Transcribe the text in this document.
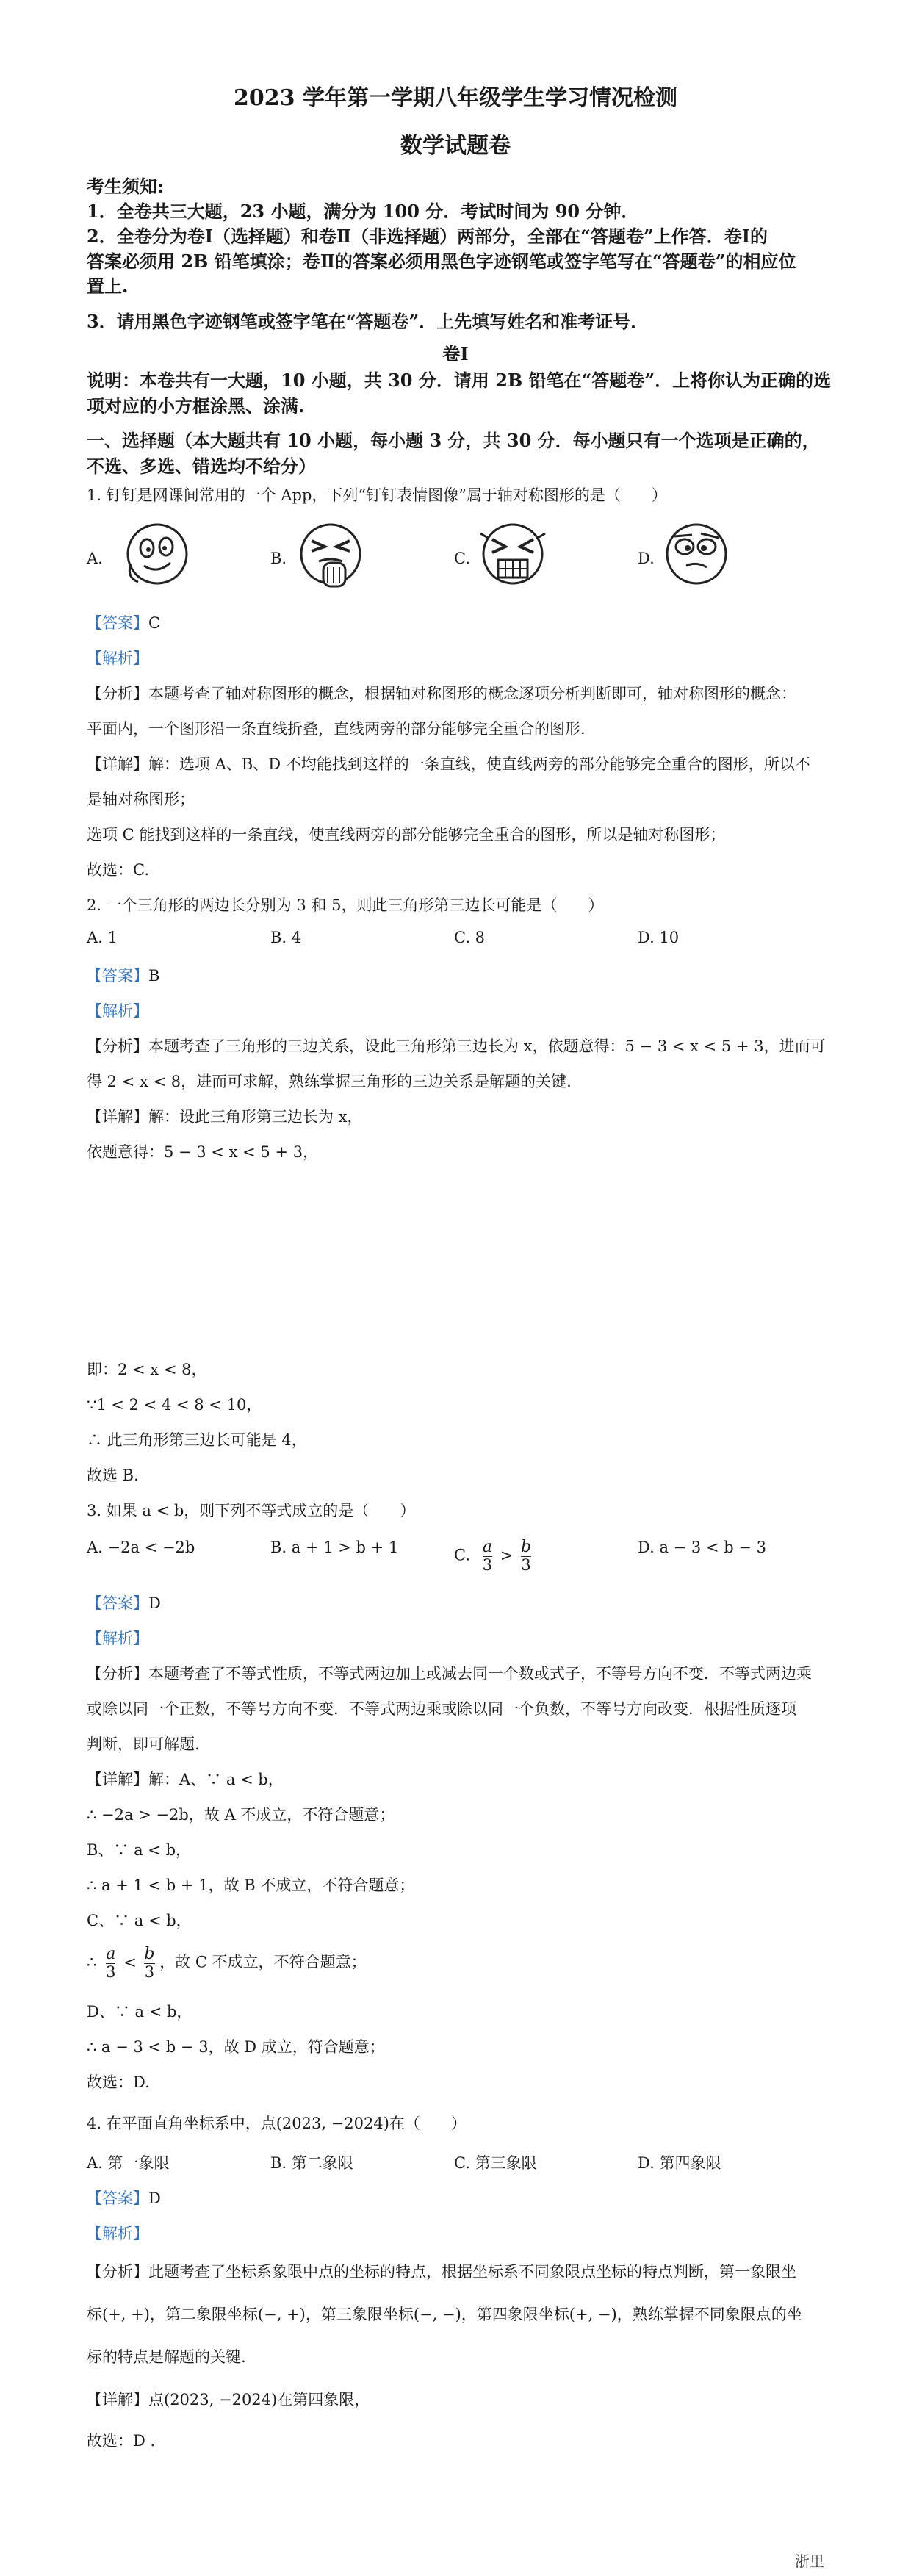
2023 学年第一学期八年级学生学习情况检测
数学试题卷
考生须知:
1．全卷共三大题，23 小题，满分为 100 分．考试时间为 90 分钟．
2．全卷分为卷Ⅰ（选择题）和卷Ⅱ（非选择题）两部分，全部在“答题卷”上作答．卷Ⅰ的
答案必须用 2B 铅笔填涂；卷Ⅱ的答案必须用黑色字迹钢笔或签字笔写在“答题卷”的相应位
置上.
3．请用黑色字迹钢笔或签字笔在“答题卷”．上先填写姓名和准考证号．
卷Ⅰ
说明：本卷共有一大题，10 小题，共 30 分．请用 2B 铅笔在“答题卷”．上将你认为正确的选
项对应的小方框涂黑、涂满.
一、选择题（本大题共有 10 小题，每小题 3 分，共 30 分．每小题只有一个选项是正确的，
不选、多选、错选均不给分）
1. 钉钉是网课间常用的一个 App，下列“钉钉表情图像”属于轴对称图形的是（　　）
A.	B.	C.	D.
【答案】C
【解析】
【分析】本题考查了轴对称图形的概念，根据轴对称图形的概念逐项分析判断即可，轴对称图形的概念：
平面内，一个图形沿一条直线折叠，直线两旁的部分能够完全重合的图形.
【详解】解：选项 A、B、D 不均能找到这样的一条直线，使直线两旁的部分能够完全重合的图形，所以不
是轴对称图形；
选项 C 能找到这样的一条直线，使直线两旁的部分能够完全重合的图形，所以是轴对称图形；
故选：C.
2. 一个三角形的两边长分别为 3 和 5，则此三角形第三边长可能是（　　）
A. 1	B. 4	C. 8	D. 10
【答案】B
【解析】
【分析】本题考查了三角形的三边关系，设此三角形第三边长为 x，依题意得：5 − 3 < x < 5 + 3，进而可
得 2 < x < 8，进而可求解，熟练掌握三角形的三边关系是解题的关键.
【详解】解：设此三角形第三边长为 x，
依题意得：5 − 3 < x < 5 + 3，
即：2 < x < 8，
∵1 < 2 < 4 < 8 < 10，
∴ 此三角形第三边长可能是 4，
故选 B.
3. 如果 a < b，则下列不等式成立的是（　　）
A. −2a < −2b	B. a + 1 > b + 1	C. $\frac{a}{3} > \frac{b}{3}$	D. a − 3 < b − 3
【答案】D
【解析】
【分析】本题考查了不等式性质，不等式两边加上或减去同一个数或式子，不等号方向不变．不等式两边乘
或除以同一个正数，不等号方向不变．不等式两边乘或除以同一个负数，不等号方向改变．根据性质逐项
判断，即可解题.
【详解】解：A、∵ a < b，
∴ −2a > −2b，故 A 不成立，不符合题意；
B、∵ a < b，
∴ a + 1 < b + 1，故 B 不成立，不符合题意；
C、∵ a < b，
∴ $\frac{a}{3} < \frac{b}{3}$ ，故 C 不成立，不符合题意；
D、∵ a < b，
∴ a − 3 < b − 3，故 D 成立，符合题意；
故选：D.
4. 在平面直角坐标系中，点(2023, −2024)在（　　）
A. 第一象限	B. 第二象限	C. 第三象限	D. 第四象限
【答案】D
【解析】
【分析】此题考查了坐标系象限中点的坐标的特点，根据坐标系不同象限点坐标的特点判断，第一象限坐
标(+, +)，第二象限坐标(−, +)，第三象限坐标(−, −)，第四象限坐标(+, −)，熟练掌握不同象限点的坐
标的特点是解题的关键.
【详解】点(2023, −2024)在第四象限，
故选：D .
浙里
